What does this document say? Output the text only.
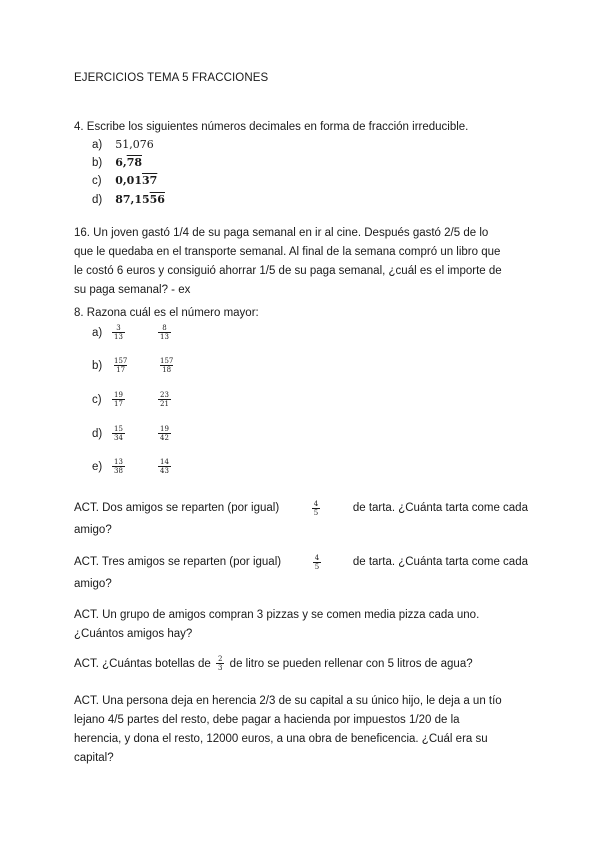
EJERCICIOS TEMA 5 FRACCIONES
4. Escribe los siguientes números decimales en forma de fracción irreducible.
a) 51,076
b) 6,78
c) 0,0137
d) 87,1556
16. Un joven gastó 1/4 de su paga semanal en ir al cine. Después gastó 2/5 de lo
que le quedaba en el transporte semanal. Al final de la semana compró un libro que
le costó 6 euros y consiguió ahorrar 1/5 de su paga semanal, ¿cuál es el importe de
su paga semanal? - ex
8. Razona cuál es el número mayor:
a)	$\frac{3}{13}$	$\frac{8}{13}$
b)	$\frac{157}{17}$	$\frac{157}{18}$
c)	$\frac{19}{17}$	$\frac{23}{21}$
d)	$\frac{15}{34}$	$\frac{19}{42}$
e)	$\frac{13}{38}$	$\frac{14}{43}$
ACT. Dos amigos se reparten (por igual)	$\frac{4}{5}$	de tarta. ¿Cuánta tarta come cada
amigo?
ACT. Tres amigos se reparten (por igual)	$\frac{4}{5}$	de tarta. ¿Cuánta tarta come cada
amigo?
ACT. Un grupo de amigos compran 3 pizzas y se comen media pizza cada uno.
¿Cuántos amigos hay?
ACT. ¿Cuántas botellas de $\frac{2}{3}$ de litro se pueden rellenar con 5 litros de agua?
ACT. Una persona deja en herencia 2/3 de su capital a su único hijo, le deja a un tío
lejano 4/5 partes del resto, debe pagar a hacienda por impuestos 1/20 de la
herencia, y dona el resto, 12000 euros, a una obra de beneficencia. ¿Cuál era su
capital?
